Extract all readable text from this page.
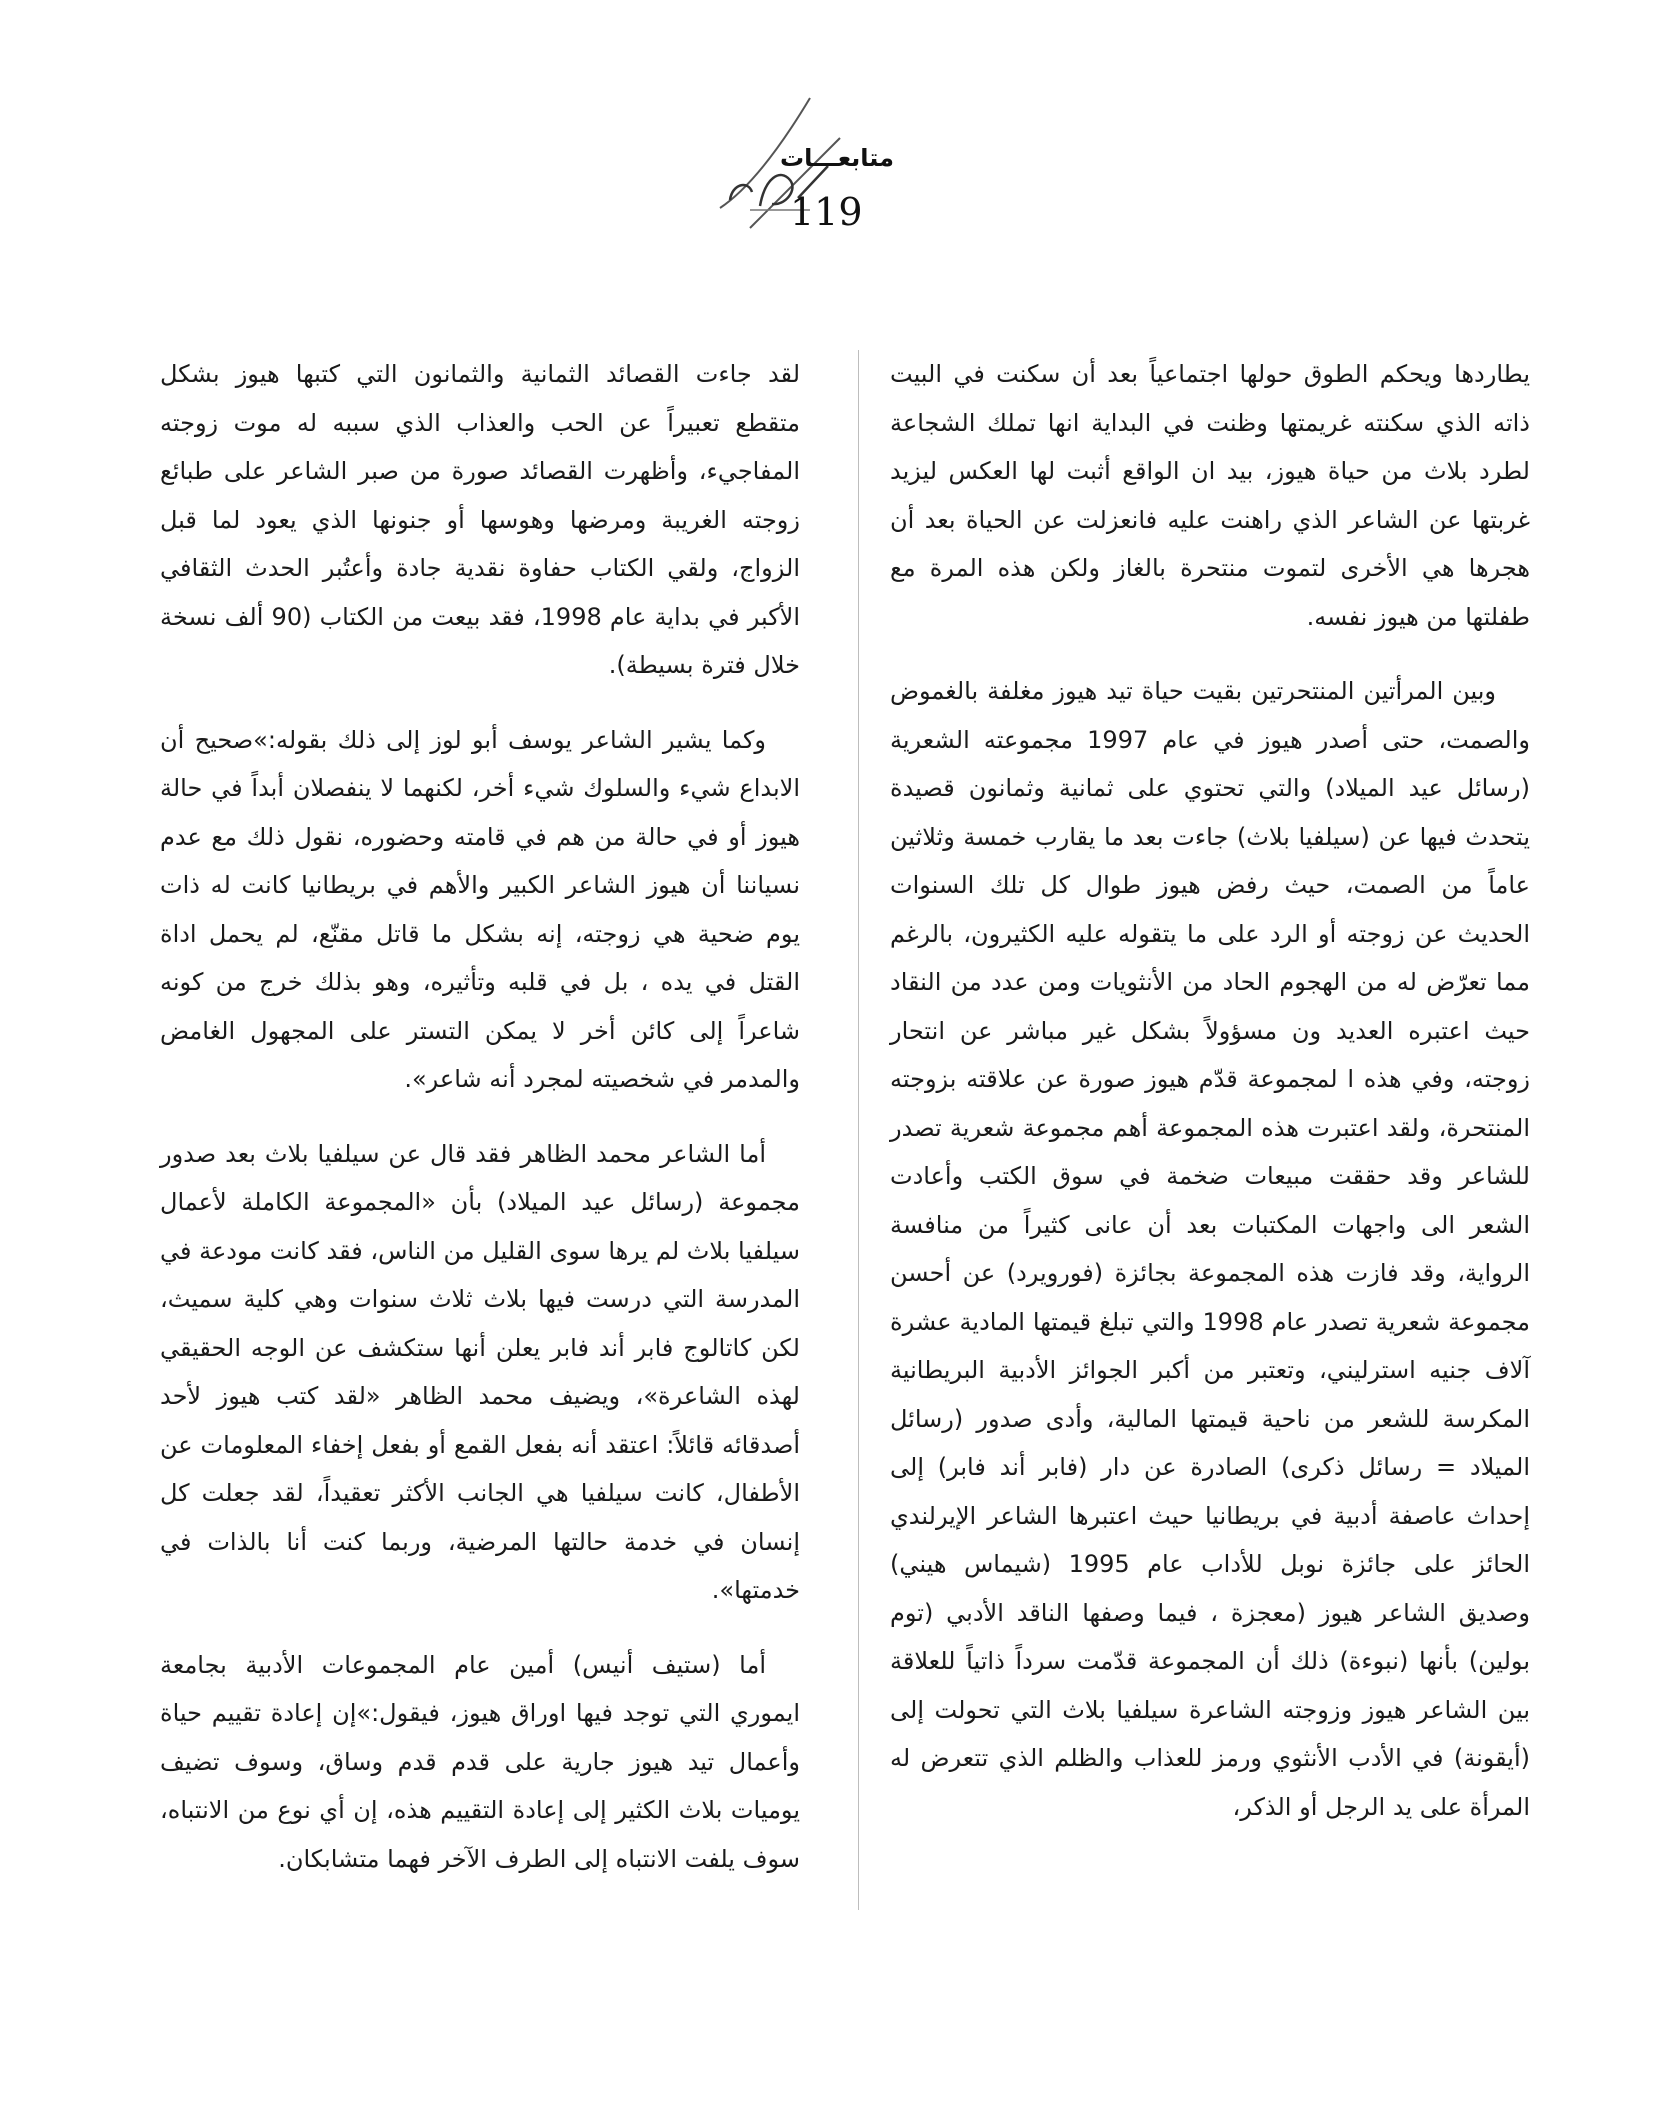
متابعـــات
119

يطاردها ويحكم الطوق حولها اجتماعياً بعد أن سكنت في البيت ذاته الذي سكنته غريمتها وظنت في البداية انها تملك الشجاعة لطرد بلاث من حياة هيوز، بيد ان الواقع أثبت لها العكس ليزيد غربتها عن الشاعر الذي راهنت عليه فانعزلت عن الحياة بعد أن هجرها هي الأخرى لتموت منتحرة بالغاز ولكن هذه المرة مع طفلتها من هيوز نفسه.

وبين المرأتين المنتحرتين بقيت حياة تيد هيوز مغلفة بالغموض والصمت، حتى أصدر هيوز في عام 1997 مجموعته الشعرية (رسائل عيد الميلاد) والتي تحتوي على ثمانية وثمانون قصيدة يتحدث فيها عن (سيلفيا بلاث) جاءت بعد ما يقارب خمسة وثلاثين عاماً من الصمت، حيث رفض هيوز طوال كل تلك السنوات الحديث عن زوجته أو الرد على ما يتقوله عليه الكثيرون، بالرغم مما تعرّض له من الهجوم الحاد من الأنثويات ومن عدد من النقاد حيث اعتبره العديد ون مسؤولاً بشكل غير مباشر عن انتحار زوجته، وفي هذه ا لمجموعة قدّم هيوز صورة عن علاقته بزوجته المنتحرة، ولقد اعتبرت هذه المجموعة أهم مجموعة شعرية تصدر للشاعر وقد حققت مبيعات ضخمة في سوق الكتب وأعادت الشعر الى واجهات المكتبات بعد أن عانى كثيراً من منافسة الرواية، وقد فازت هذه المجموعة بجائزة (فورويرد) عن أحسن مجموعة شعرية تصدر عام 1998 والتي تبلغ قيمتها المادية عشرة آلاف جنيه استرليني، وتعتبر من أكبر الجوائز الأدبية البريطانية المكرسة للشعر من ناحية قيمتها المالية، وأدى صدور (رسائل الميلاد = رسائل ذكرى) الصادرة عن دار (فابر أند فابر) إلى إحداث عاصفة أدبية في بريطانيا حيث اعتبرها الشاعر الإيرلندي الحائز على جائزة نوبل للأداب عام 1995 (شيماس هيني) وصديق الشاعر هيوز (معجزة ، فيما وصفها الناقد الأدبي (توم بولين) بأنها (نبوءة) ذلك أن المجموعة قدّمت سرداً ذاتياً للعلاقة بين الشاعر هيوز وزوجته الشاعرة سيلفيا بلاث التي تحولت إلى (أيقونة) في الأدب الأنثوي ورمز للعذاب والظلم الذي تتعرض له المرأة على يد الرجل أو الذكر،

لقد جاءت القصائد الثمانية والثمانون التي كتبها هيوز بشكل متقطع تعبيراً عن الحب والعذاب الذي سببه له موت زوجته المفاجيء، وأظهرت القصائد صورة من صبر الشاعر على طبائع زوجته الغريبة ومرضها وهوسها أو جنونها الذي يعود لما قبل الزواج، ولقي الكتاب حفاوة نقدية جادة وأعتُبر الحدث الثقافي الأكبر في بداية عام 1998، فقد بيعت من الكتاب (90 ألف نسخة خلال فترة بسيطة).

وكما يشير الشاعر يوسف أبو لوز إلى ذلك بقوله:»صحيح أن الابداع شيء والسلوك شيء أخر، لكنهما لا ينفصلان أبداً في حالة هيوز أو في حالة من هم في قامته وحضوره، نقول ذلك مع عدم نسياننا أن هيوز الشاعر الكبير والأهم في بريطانيا كانت له ذات يوم ضحية هي زوجته، إنه بشكل ما قاتل مقنّع، لم يحمل اداة القتل في يده ، بل في قلبه وتأثيره، وهو بذلك خرج من كونه شاعراً إلى كائن أخر لا يمكن التستر على المجهول الغامض والمدمر في شخصيته لمجرد أنه شاعر».

أما الشاعر محمد الظاهر فقد قال عن سيلفيا بلاث بعد صدور مجموعة (رسائل عيد الميلاد) بأن «المجموعة الكاملة لأعمال سيلفيا بلاث لم يرها سوى القليل من الناس، فقد كانت مودعة في المدرسة التي درست فيها بلاث ثلاث سنوات وهي كلية سميث، لكن كاتالوج فابر أند فابر يعلن أنها ستكشف عن الوجه الحقيقي لهذه الشاعرة»، ويضيف محمد الظاهر «لقد كتب هيوز لأحد أصدقائه قائلاً: اعتقد أنه بفعل القمع أو بفعل إخفاء المعلومات عن الأطفال، كانت سيلفيا هي الجانب الأكثر تعقيداً، لقد جعلت كل إنسان في خدمة حالتها المرضية، وربما كنت أنا بالذات في خدمتها».

أما (ستيف أنيس) أمين عام المجموعات الأدبية بجامعة ايموري التي توجد فيها اوراق هيوز، فيقول:»إن إعادة تقييم حياة وأعمال تيد هيوز جارية على قدم قدم وساق، وسوف تضيف يوميات بلاث الكثير إلى إعادة التقييم هذه، إن أي نوع من الانتباه، سوف يلفت الانتباه إلى الطرف الآخر فهما متشابكان.
